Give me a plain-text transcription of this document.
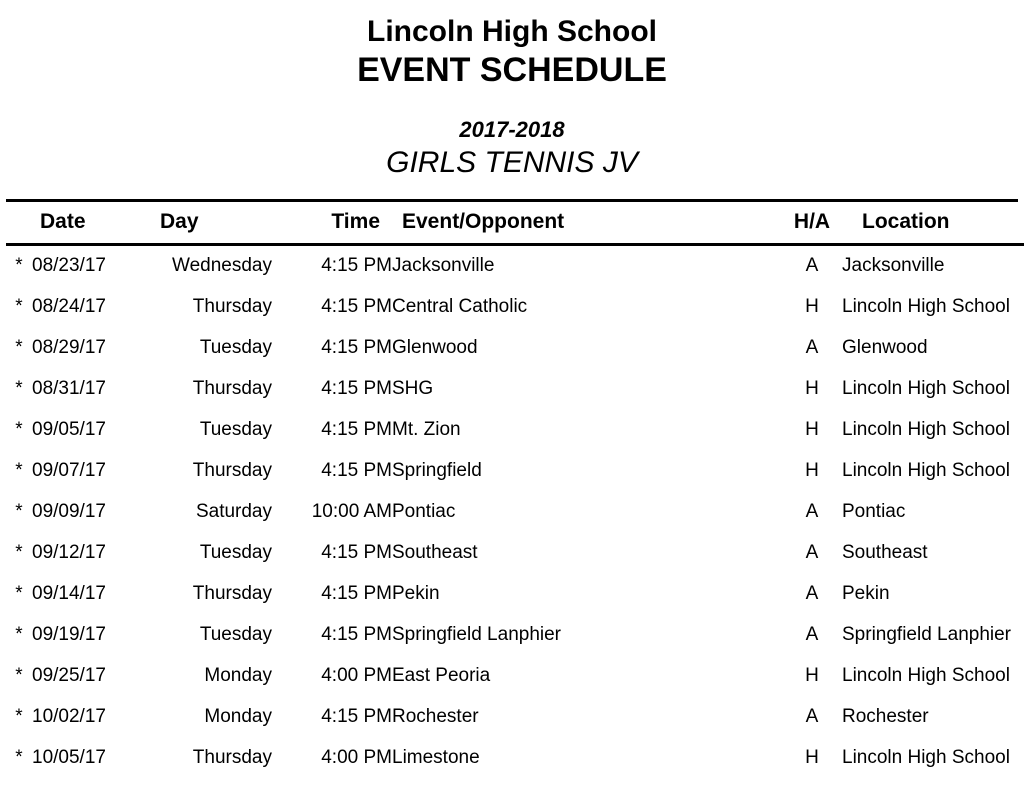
Lincoln High School
EVENT SCHEDULE
2017-2018
GIRLS TENNIS JV
	Date	Day	Time	Event/Opponent	H/A	Location
*	08/23/17	Wednesday	4:15 PM	Jacksonville	A	Jacksonville
*	08/24/17	Thursday	4:15 PM	Central Catholic	H	Lincoln High School
*	08/29/17	Tuesday	4:15 PM	Glenwood	A	Glenwood
*	08/31/17	Thursday	4:15 PM	SHG	H	Lincoln High School
*	09/05/17	Tuesday	4:15 PM	Mt. Zion	H	Lincoln High School
*	09/07/17	Thursday	4:15 PM	Springfield	H	Lincoln High School
*	09/09/17	Saturday	10:00 AM	Pontiac	A	Pontiac
*	09/12/17	Tuesday	4:15 PM	Southeast	A	Southeast
*	09/14/17	Thursday	4:15 PM	Pekin	A	Pekin
*	09/19/17	Tuesday	4:15 PM	Springfield Lanphier	A	Springfield Lanphier
*	09/25/17	Monday	4:00 PM	East Peoria	H	Lincoln High School
*	10/02/17	Monday	4:15 PM	Rochester	A	Rochester
*	10/05/17	Thursday	4:00 PM	Limestone	H	Lincoln High School
